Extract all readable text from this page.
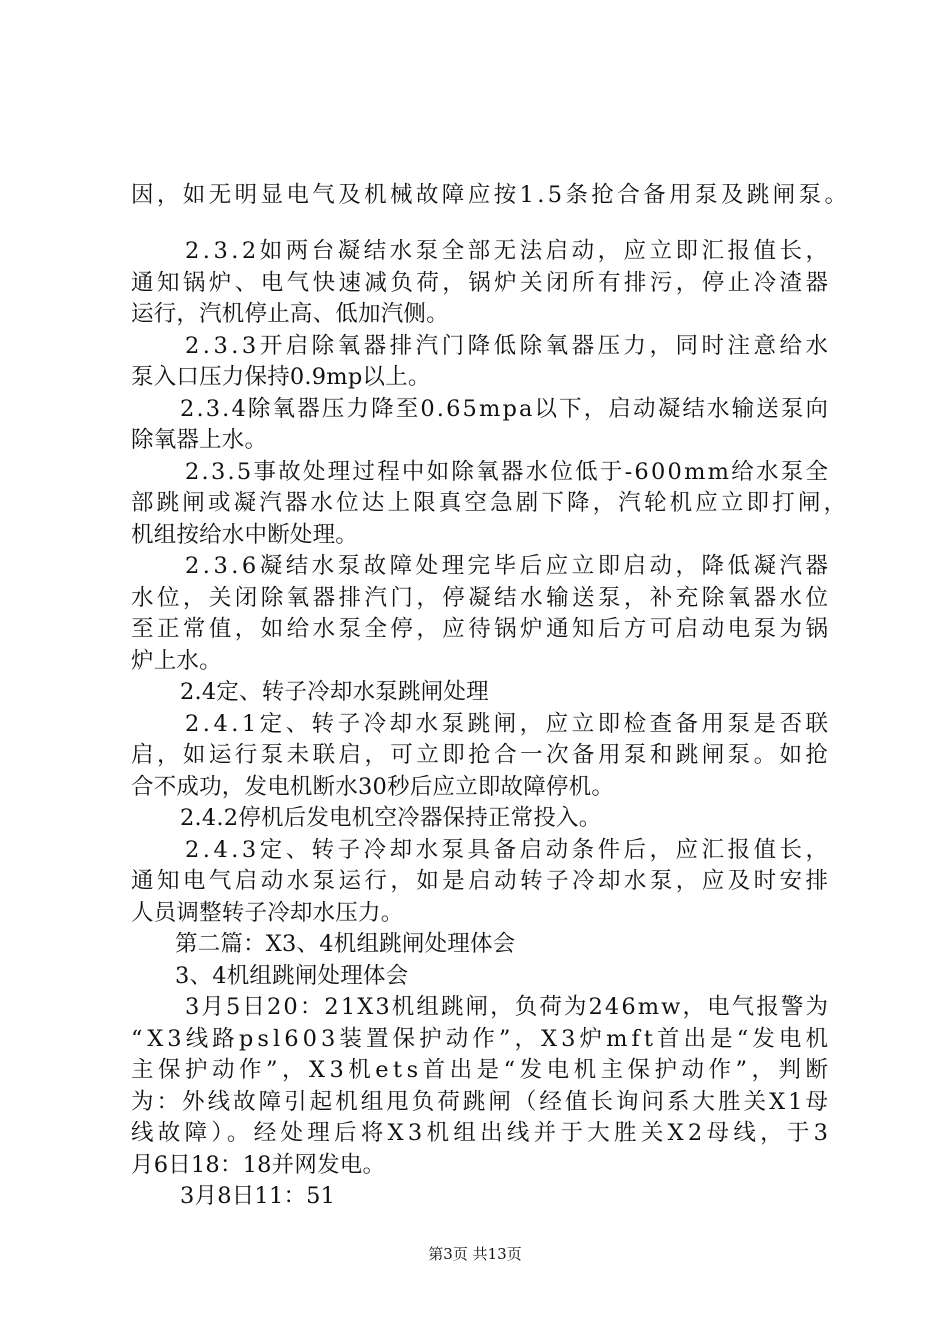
因，如无明显电气及机械故障应按1.5条抢合备用泵及跳闸泵。
2.3.2如两台凝结水泵全部无法启动，应立即汇报值长，
通知锅炉、电气快速减负荷，锅炉关闭所有排污，停止冷渣器
运行，汽机停止高、低加汽侧。
2.3.3开启除氧器排汽门降低除氧器压力，同时注意给水
泵入口压力保持0.9mp以上。
2.3.4除氧器压力降至0.65mpa以下，启动凝结水输送泵向
除氧器上水。
2.3.5事故处理过程中如除氧器水位低于-600mm给水泵全
部跳闸或凝汽器水位达上限真空急剧下降，汽轮机应立即打闸，
机组按给水中断处理。
2.3.6凝结水泵故障处理完毕后应立即启动，降低凝汽器
水位，关闭除氧器排汽门，停凝结水输送泵，补充除氧器水位
至正常值，如给水泵全停，应待锅炉通知后方可启动电泵为锅
炉上水。
2.4定、转子冷却水泵跳闸处理
2.4.1定、转子冷却水泵跳闸，应立即检查备用泵是否联
启，如运行泵未联启，可立即抢合一次备用泵和跳闸泵。如抢
合不成功，发电机断水30秒后应立即故障停机。
2.4.2停机后发电机空冷器保持正常投入。
2.4.3定、转子冷却水泵具备启动条件后，应汇报值长，
通知电气启动水泵运行，如是启动转子冷却水泵，应及时安排
人员调整转子冷却水压力。
第二篇：X3、4机组跳闸处理体会
3、4机组跳闸处理体会
3月5日20：21X3机组跳闸，负荷为246mw，电气报警为
“X3线路psl603装置保护动作”，X3炉mft首出是“发电机
主保护动作”，X3机ets首出是“发电机主保护动作”，判断
为：外线故障引起机组甩负荷跳闸（经值长询问系大胜关X1母
线故障）。经处理后将X3机组出线并于大胜关X2母线，于3
月6日18：18并网发电。
3月8日11：51
第3页 共13页
